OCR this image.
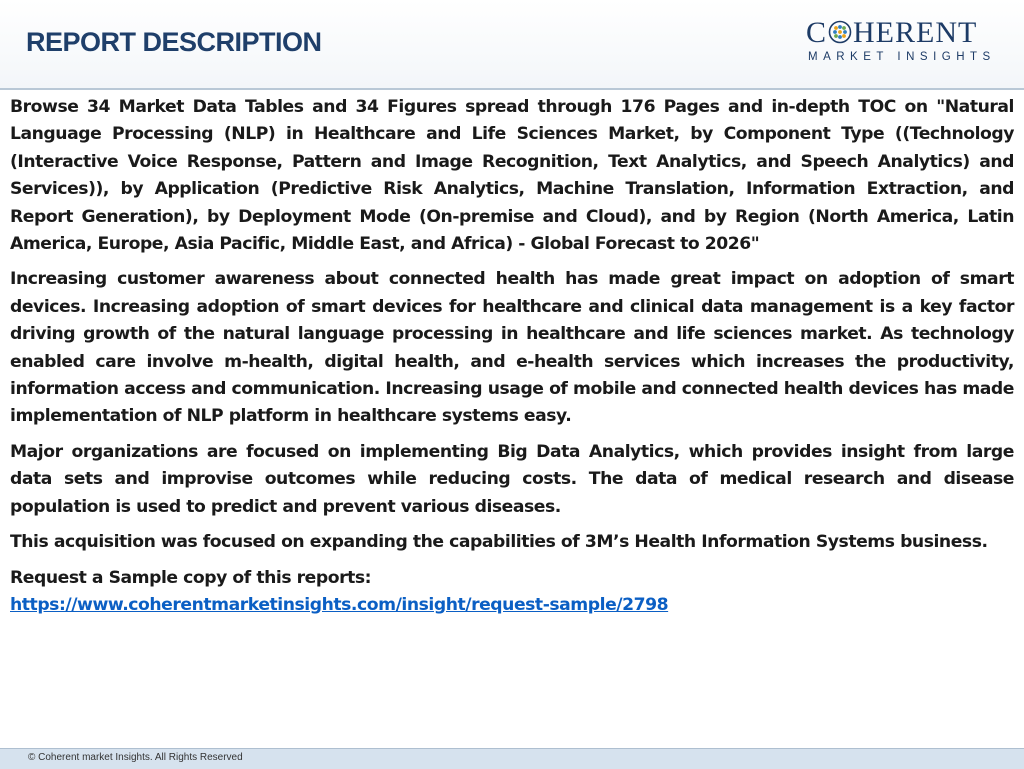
REPORT DESCRIPTION	C HERENT
MARKET INSIGHTS

Browse 34 Market Data Tables and 34 Figures spread through 176 Pages and in-depth TOC on "Natural Language Processing (NLP) in Healthcare and Life Sciences Market, by Component Type ((Technology (Interactive Voice Response, Pattern and Image Recognition, Text Analytics, and Speech Analytics) and Services)), by Application (Predictive Risk Analytics, Machine Translation, Information Extraction, and Report Generation), by Deployment Mode (On-premise and Cloud), and by Region (North America, Latin America, Europe, Asia Pacific, Middle East, and Africa) - Global Forecast to 2026"

Increasing customer awareness about connected health has made great impact on adoption of smart devices. Increasing adoption of smart devices for healthcare and clinical data management is a key factor driving growth of the natural language processing in healthcare and life sciences market. As technology enabled care involve m-health, digital health, and e-health services which increases the productivity, information access and communication. Increasing usage of mobile and connected health devices has made implementation of NLP platform in healthcare systems easy.

Major organizations are focused on implementing Big Data Analytics, which provides insight from large data sets and improvise outcomes while reducing costs. The data of medical research and disease population is used to predict and prevent various diseases.

This acquisition was focused on expanding the capabilities of 3M’s Health Information Systems business.

Request a Sample copy of this reports:
https://www.coherentmarketinsights.com/insight/request-sample/2798

© Coherent market Insights. All Rights Reserved
